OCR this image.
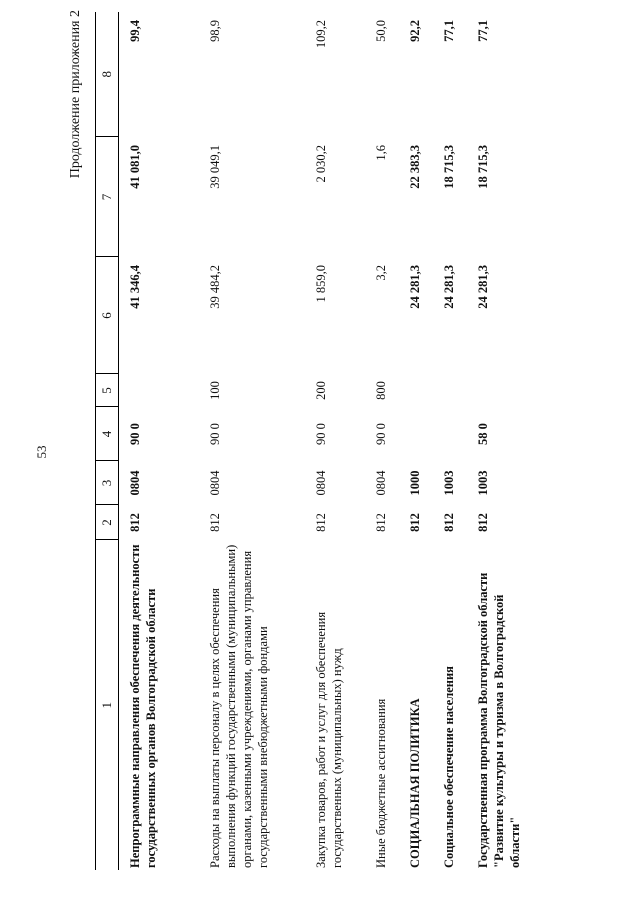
53
Продолжение приложения 2
1	2	3	4	5	6	7	8
Непрограммные направления обеспечения деятельности государственных органов Волгоградской области	812	0804	90 0		41 346,4	41 081,0	99,4
Расходы на выплаты персоналу в целях обеспечения выполнения функций государственными (муниципальными) органами, казенными учреждениями, органами управления государственными внебюджетными фондами	812	0804	90 0	100	39 484,2	39 049,1	98,9
Закупка товаров, работ и услуг для обеспечения государственных (муниципальных) нужд	812	0804	90 0	200	1 859,0	2 030,2	109,2
Иные бюджетные ассигнования	812	0804	90 0	800	3,2	1,6	50,0
СОЦИАЛЬНАЯ ПОЛИТИКА	812	1000			24 281,3	22 383,3	92,2
Социальное обеспечение населения	812	1003			24 281,3	18 715,3	77,1
Государственная программа Волгоградской области "Развитие культуры и туризма в Волгоградской области"	812	1003	58 0		24 281,3	18 715,3	77,1
